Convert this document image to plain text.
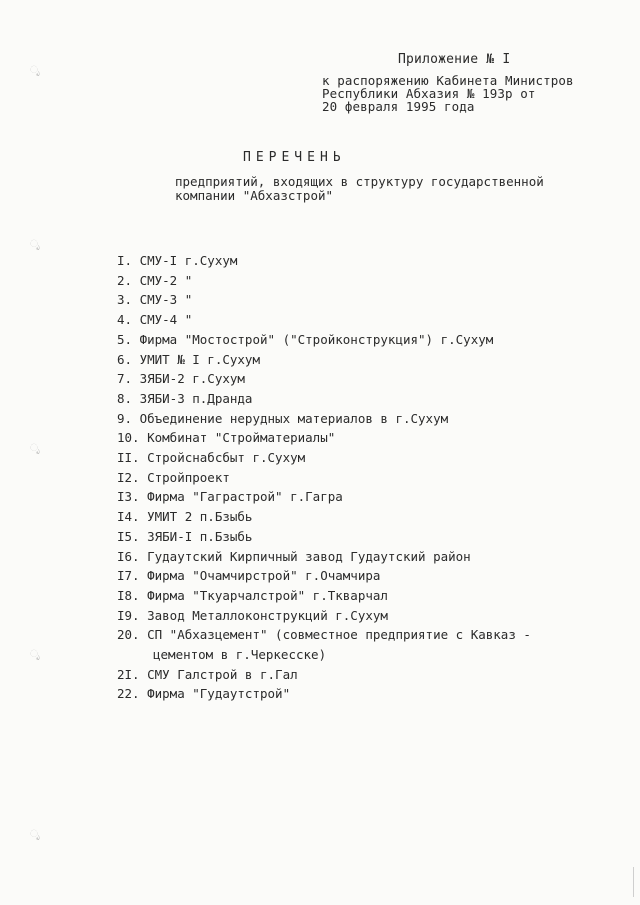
Приложение № I
к распоряжению Кабинета Министров
Республики Абхазия № 193р от
20 февраля 1995 года
ПЕРЕЧЕНЬ
предприятий, входящих в структуру государственной
компании "Абхазстрой"
I. СМУ-I г.Сухум
2. СМУ-2 "
3. СМУ-3 "
4. СМУ-4 "
5. Фирма "Мостострой" ("Стройконструкция") г.Сухум
6. УМИТ № I г.Сухум
7. ЗЯБИ-2 г.Сухум
8. ЗЯБИ-3 п.Дранда
9. Объединение нерудных материалов в г.Сухум
10. Комбинат "Стройматериалы"
II. Стройснабсбыт г.Сухум
I2. Стройпроект
I3. Фирма "Гаграстрой" г.Гагра
I4. УМИТ 2 п.Бзыбь
I5. ЗЯБИ-I п.Бзыбь
I6. Гудаутский Кирпичный завод Гудаутский район
I7. Фирма "Очамчирстрой" г.Очамчира
I8. Фирма "Ткуарчалстрой" г.Ткварчал
I9. Завод Металлоконструкций г.Сухум
20. СП "Абхазцемент" (совместное предприятие с Кавказ -
цементом в г.Черкесске)
2I. СМУ Галстрой в г.Гал
22. Фирма "Гудаутстрой"
ೃ
ೃ
ೃ
ೃ
ೃ
